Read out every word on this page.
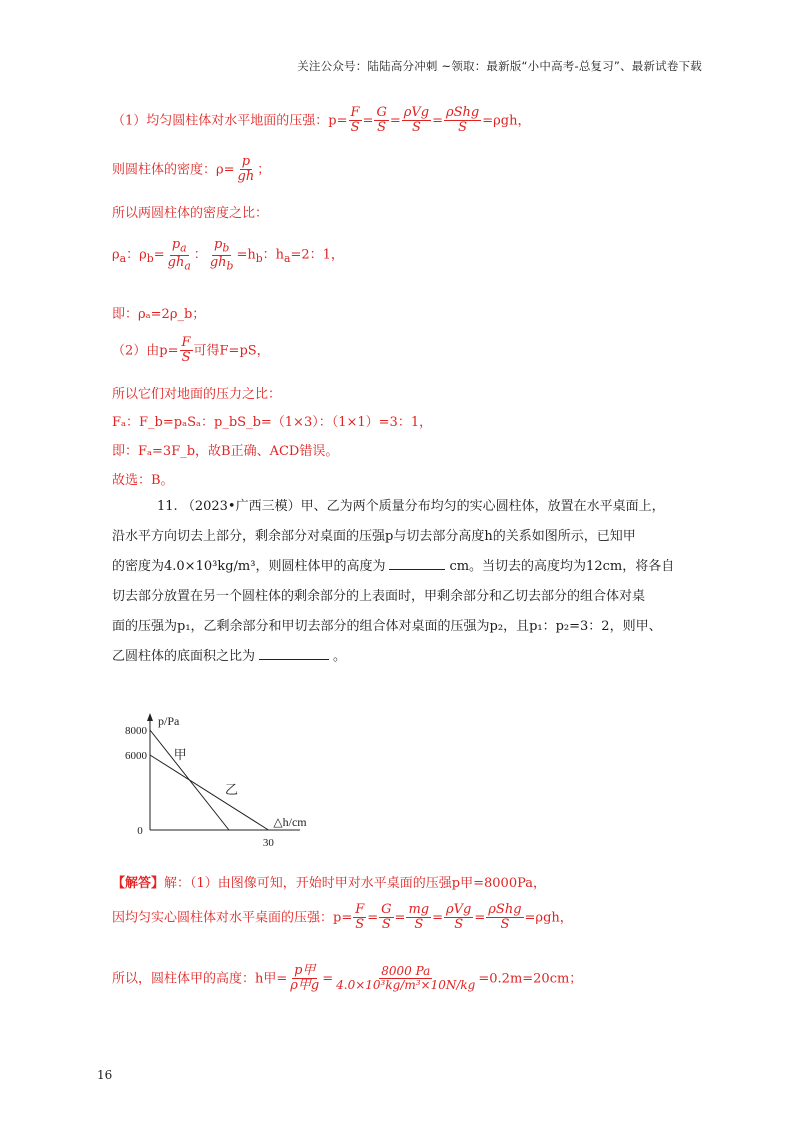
关注公众号：陆陆高分冲刺 ~领取：最新版“小中高考-总复习”、最新试卷下载
（1）均匀圆柱体对水平地面的压强：$p= \frac{F}{S} = \frac{G}{S} = \frac{\text{ρVg}}{S} = \frac{\text{ρShg}}{S} =\rho gh$，
则圆柱体的密度：$\rho= \frac{p}{gh}$ ；
所以两圆柱体的密度之比：
$\rho_a$：$\rho_b= \frac{p_a}{gh_a}$ ： $\frac{p_b}{gh_b} =h_b$：$h_a=2$：1，
即：ρₐ=2ρ_b；
（2）由$p= \frac{F}{S}$ 可得F=pS，
所以它们对地面的压力之比：
Fₐ：F_b=pₐSₐ：p_bS_b=（1×3）：（1×1）=3：1，
即：Fₐ=3F_b，故B正确、ACD错误。
故选：B。
11. （2023•广西三模）甲、乙为两个质量分布均匀的实心圆柱体，放置在水平桌面上，
沿水平方向切去上部分，剩余部分对桌面的压强p与切去部分高度h的关系如图所示，已知甲
的密度为4.0×10³kg/m³，则圆柱体甲的高度为	cm。当切去的高度均为12cm，将各自
切去部分放置在另一个圆柱体的剩余部分的上表面时，甲剩余部分和乙切去部分的组合体对桌
面的压强为p₁，乙剩余部分和甲切去部分的组合体对桌面的压强为p₂，且p₁：p₂=3：2，则甲、
乙圆柱体的底面积之比为	。
甲
乙
8000
6000
30
0
p/Pa
△h/cm
【解答】解：（1）由图像可知，开始时甲对水平桌面的压强p甲=8000Pa，
因均匀实心圆柱体对水平桌面的压强：$p= \frac{F}{S} = \frac{G}{S} = \frac{mg}{S} = \frac{\text{ρVg}}{S} = \frac{\text{ρShg}}{S} =\rho gh$，
所以，圆柱体甲的高度：h甲= $\frac{\text{p甲}}{\text{ρ甲g}} = \frac{8000 Pa}{\text{4.0×10³kg/m³×10N/kg}} =0.2m=20cm$；
16
